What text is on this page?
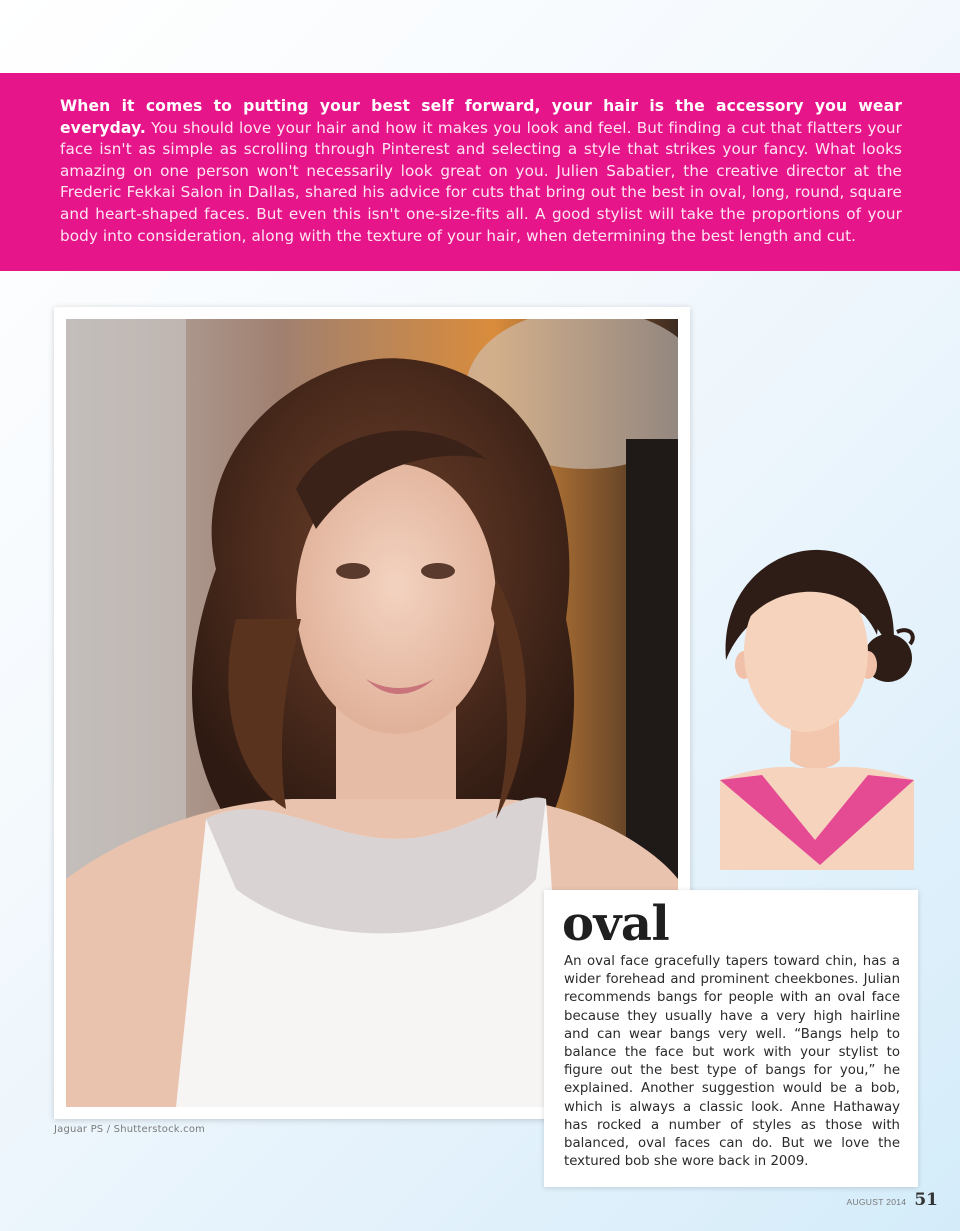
When it comes to putting your best self forward, your hair is the accessory you wear everyday. You should love your hair and how it makes you look and feel. But finding a cut that flatters your face isn't as simple as scrolling through Pinterest and selecting a style that strikes your fancy. What looks amazing on one person won't necessarily look great on you. Julien Sabatier, the creative director at the Frederic Fekkai Salon in Dallas, shared his advice for cuts that bring out the best in oval, long, round, square and heart-shaped faces. But even this isn't one-size-fits all. A good stylist will take the proportions of your body into consideration, along with the texture of your hair, when determining the best length and cut.
Jaguar PS / Shutterstock.com
oval
An oval face gracefully tapers toward chin, has a wider forehead and prominent cheekbones. Julian recommends bangs for people with an oval face because they usually have a very high hairline and can wear bangs very well. “Bangs help to balance the face but work with your stylist to figure out the best type of bangs for you,” he explained. Another suggestion would be a bob, which is always a classic look. Anne Hathaway has rocked a number of styles as those with balanced, oval faces can do. But we love the textured bob she wore back in 2009.
AUGUST 2014 51
